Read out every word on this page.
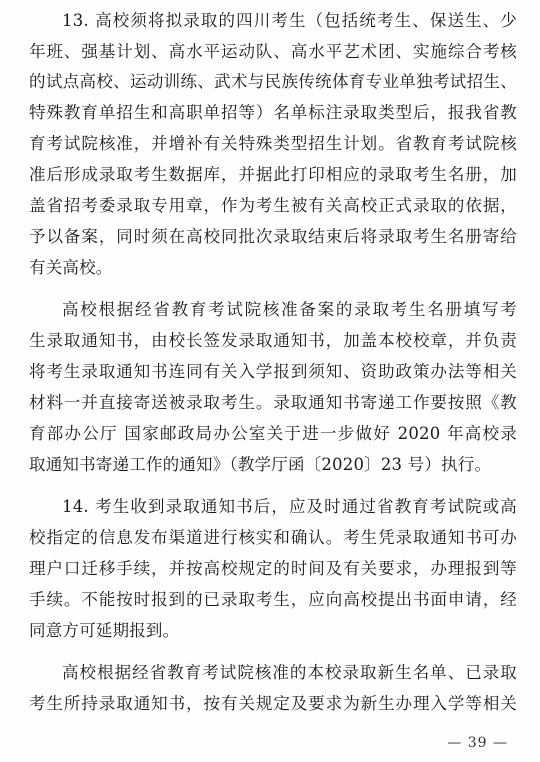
13. 高校须将拟录取的四川考生（包括统考生、保送生、少
年班、强基计划、高水平运动队、高水平艺术团、实施综合考核
的试点高校、运动训练、武术与民族传统体育专业单独考试招生、
特殊教育单招生和高职单招等）名单标注录取类型后，报我省教
育考试院核准，并增补有关特殊类型招生计划。省教育考试院核
准后形成录取考生数据库，并据此打印相应的录取考生名册，加
盖省招考委录取专用章，作为考生被有关高校正式录取的依据，
予以备案，同时须在高校同批次录取结束后将录取考生名册寄给
有关高校。
高校根据经省教育考试院核准备案的录取考生名册填写考
生录取通知书，由校长签发录取通知书，加盖本校校章，并负责
将考生录取通知书连同有关入学报到须知、资助政策办法等相关
材料一并直接寄送被录取考生。录取通知书寄递工作要按照《教
育部办公厅 国家邮政局办公室关于进一步做好 2020 年高校录
取通知书寄递工作的通知》（教学厅函〔2020〕23 号）执行。
14. 考生收到录取通知书后，应及时通过省教育考试院或高
校指定的信息发布渠道进行核实和确认。考生凭录取通知书可办
理户口迁移手续，并按高校规定的时间及有关要求，办理报到等
手续。不能按时报到的已录取考生，应向高校提出书面申请，经
同意方可延期报到。
高校根据经省教育考试院核准的本校录取新生名单、已录取
考生所持录取通知书，按有关规定及要求为新生办理入学等相关
— 39 —
